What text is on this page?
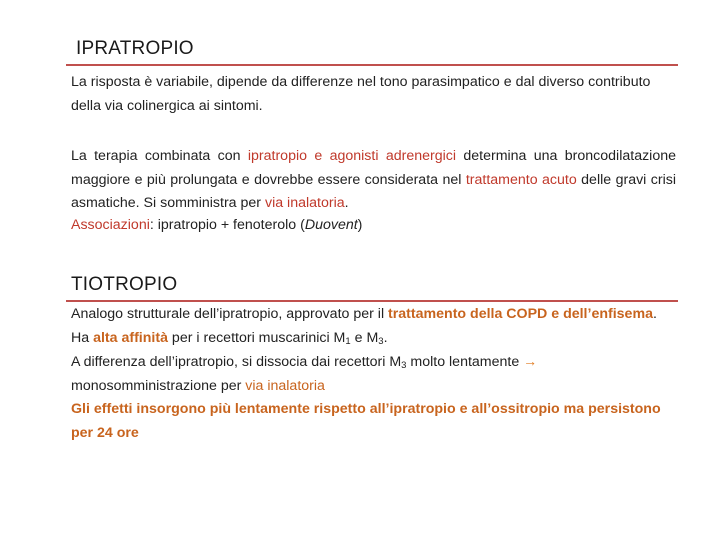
IPRATROPIO

La risposta è variabile, dipende da differenze nel tono parasimpatico e dal diverso contributo della via colinergica ai sintomi.

La terapia combinata con ipratropio e agonisti adrenergici determina una broncodilatazione maggiore e più prolungata e dovrebbe essere considerata nel trattamento acuto delle gravi crisi asmatiche. Si somministra per via inalatoria.

Associazioni: ipratropio + fenoterolo (Duovent)

TIOTROPIO

Analogo strutturale dell’ipratropio, approvato per il trattamento della COPD e dell’enfisema. Ha alta affinità per i recettori muscarinici $M_1$ e $M_3$.

A differenza dell’ipratropio, si dissocia dai recettori $M_3$ molto lentamente → monosomministrazione per via inalatoria

Gli effetti insorgono più lentamente rispetto all’ipratropio e all’ossitropio ma persistono per 24 ore
